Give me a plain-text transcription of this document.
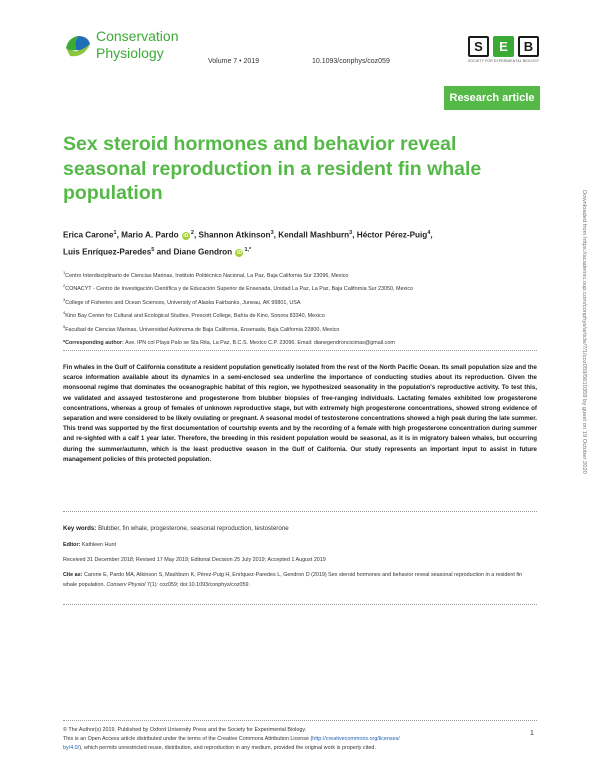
Conservation
Physiology
Volume 7 • 2019	10.1093/conphys/coz059
S	E	B
SOCIETY FOR EXPERIMENTAL BIOLOGY
Research article
Sex steroid hormones and behavior reveal seasonal reproduction in a resident fin whale population
Erica Carone$^1$, Mario A. Pardo iD $^2$, Shannon Atkinson$^3$, Kendall Mashburn$^3$, Héctor Pérez-Puig$^4$,
Luis Enríquez-Paredes$^5$ and Diane Gendron iD $^{1,*}$
$^1$Centro Interdisciplinario de Ciencias Marinas, Instituto Politécnico Nacional, La Paz, Baja California Sur 23096, Mexico
$^2$CONACYT - Centro de Investigación Científica y de Educación Superior de Ensenada, Unidad La Paz, La Paz, Baja California Sur 23050, Mexico
$^3$College of Fisheries and Ocean Sciences, University of Alaska Fairbanks, Juneau, AK 99801, USA
$^4$Kino Bay Center for Cultural and Ecological Studies, Prescott College, Bahía de Kino, Sonora 83340, Mexico
$^5$Facultad de Ciencias Marinas, Universidad Autónoma de Baja California, Ensenada, Baja California 22800, Mexico
*Corresponding author: Ave. IPN col Playa Palo se Sta Rita, La Paz, B.C.S. Mexico C.P. 23096. Email: dianegendroncicimas@gmail.com

Fin whales in the Gulf of California constitute a resident population genetically isolated from the rest of the North Pacific Ocean. Its small population size and the scarce information available about its dynamics in a semi-enclosed sea underline the importance of conducting studies about its reproduction. Given the monsoonal regime that dominates the oceanographic habitat of this region, we hypothesized seasonality in the population's reproductive activity. To test this, we validated and assayed testosterone and progesterone from blubber biopsies of free-ranging individuals. Lactating females exhibited low progesterone concentrations, whereas a group of females of unknown reproductive stage, but with extremely high progesterone concentrations, showed strong evidence of separation and were considered to be likely ovulating or pregnant. A seasonal model of testosterone concentrations showed a high peak during the late summer. This trend was supported by the first documentation of courtship events and by the recording of a female with high progesterone concentration during summer and re-sighted with a calf 1 year later. Therefore, the breeding in this resident population would be seasonal, as it is in migratory baleen whales, but occurring during the summer/autumn, which is the least productive season in the Gulf of California. Our study represents an important input to assist in future management policies of this protected population.

Key words: Blubber, fin whale, progesterone, seasonal reproduction, testosterone
Editor: Kathleen Hunt
Received 31 December 2018; Revised 17 May 2019; Editorial Decision 25 July 2019; Accepted 1 August 2019
Cite as: Carone E, Pardo MA, Atkinson S, Mashburn K, Pérez-Puig H, Enríquez-Paredes L, Gendron D (2019) Sex steroid hormones and behavior reveal seasonal reproduction in a resident fin whale population. Conserv Physiol 7(1): coz059; doi:10.1093/conphys/coz059.
© The Author(s) 2019. Published by Oxford University Press and the Society for Experimental Biology.
This is an Open Access article distributed under the terms of the Creative Commons Attribution License (http://creativecommons.org/licenses/
by/4.0/), which permits unrestricted reuse, distribution, and reproduction in any medium, provided the original work is properly cited.
1
Downloaded from https://academic.oup.com/conphys/article/7/1/coz059/5610359 by guest on 19 October 2020
